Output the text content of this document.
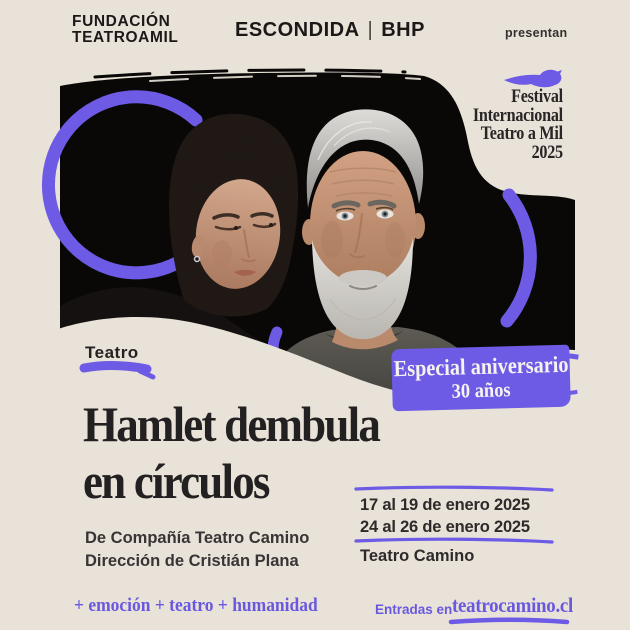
Especial aniversario
30 años
FUNDACIÓN
TEATROAMIL	ESCONDIDA | BHP	presentan
Festival
Internacional
Teatro a Mil
2025
Teatro
Hamlet dembula
en círculos
De Compañía Teatro Camino
Dirección de Cristián Plana
17 al 19 de enero 2025
24 al 26 de enero 2025
Teatro Camino
+ emoción + teatro + humanidad	Entradas en teatrocamino.cl
